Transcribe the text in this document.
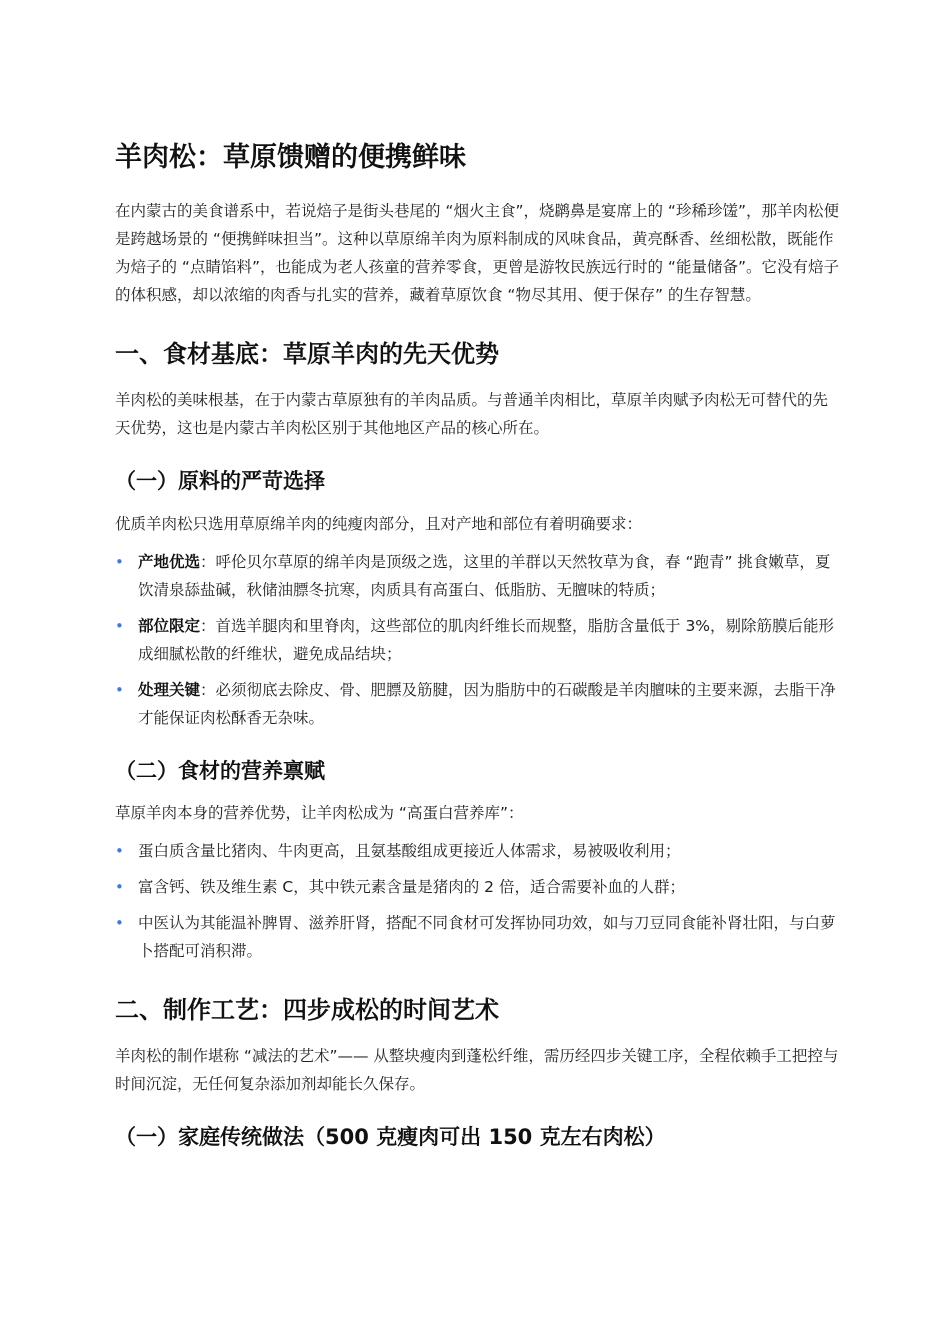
羊肉松：草原馈赠的便携鲜味

在内蒙古的美食谱系中，若说焙子是街头巷尾的 “烟火主食”，烧䴙鼻是宴席上的 “珍稀珍馐”，那羊肉松便是跨越场景的 “便携鲜味担当”。这种以草原绵羊肉为原料制成的风味食品，黄亮酥香、丝细松散，既能作为焙子的 “点睛馅料”，也能成为老人孩童的营养零食，更曾是游牧民族远行时的 “能量储备”。它没有焙子的体积感，却以浓缩的肉香与扎实的营养，藏着草原饮食 “物尽其用、便于保存” 的生存智慧。

一、食材基底：草原羊肉的先天优势

羊肉松的美味根基，在于内蒙古草原独有的羊肉品质。与普通羊肉相比，草原羊肉赋予肉松无可替代的先天优势，这也是内蒙古羊肉松区别于其他地区产品的核心所在。

（一）原料的严苛选择

优质羊肉松只选用草原绵羊肉的纯瘦肉部分，且对产地和部位有着明确要求：

• 产地优选：呼伦贝尔草原的绵羊肉是顶级之选，这里的羊群以天然牧草为食，春 “跑青” 挑食嫩草，夏饮清泉舔盐碱，秋储油膘冬抗寒，肉质具有高蛋白、低脂肪、无膻味的特质；
• 部位限定：首选羊腿肉和里脊肉，这些部位的肌肉纤维长而规整，脂肪含量低于 3%，剔除筋膜后能形成细腻松散的纤维状，避免成品结块；
• 处理关键：必须彻底去除皮、骨、肥膘及筋腱，因为脂肪中的石碳酸是羊肉膻味的主要来源，去脂干净才能保证肉松酥香无杂味。
（二）食材的营养禀赋

草原羊肉本身的营养优势，让羊肉松成为 “高蛋白营养库”：

• 蛋白质含量比猪肉、牛肉更高，且氨基酸组成更接近人体需求，易被吸收利用；
• 富含钙、铁及维生素 C，其中铁元素含量是猪肉的 2 倍，适合需要补血的人群；
• 中医认为其能温补脾胃、滋养肝肾，搭配不同食材可发挥协同功效，如与刀豆同食能补肾壮阳，与白萝卜搭配可消积滞。
二、制作工艺：四步成松的时间艺术

羊肉松的制作堪称 “减法的艺术”—— 从整块瘦肉到蓬松纤维，需历经四步关键工序，全程依赖手工把控与时间沉淀，无任何复杂添加剂却能长久保存。

（一）家庭传统做法（500 克瘦肉可出 150 克左右肉松）
